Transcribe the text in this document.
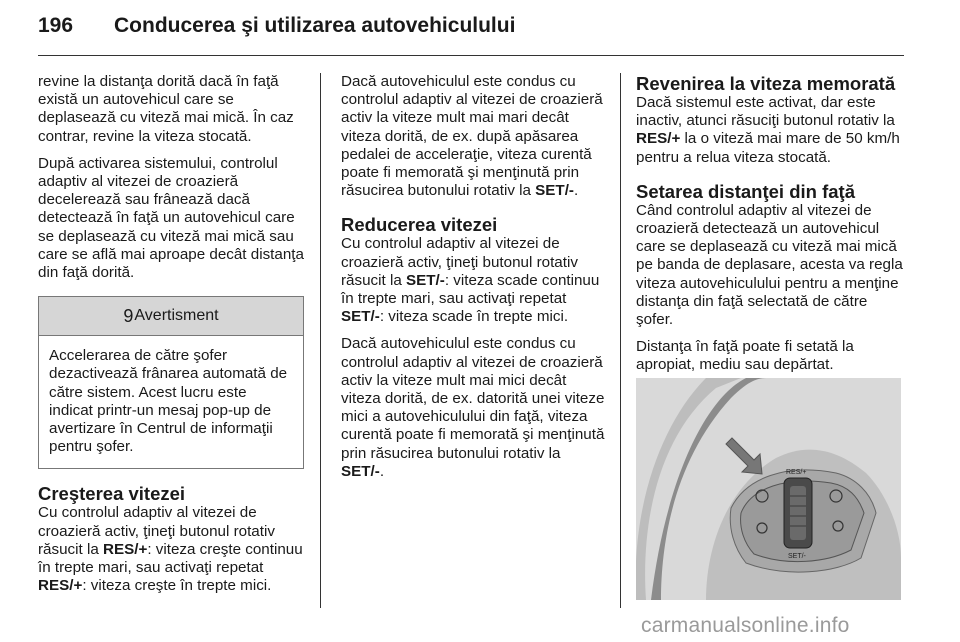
196 Conducerea şi utilizarea autovehiculului

revine la distanţa dorită dacă în faţă există un autovehicul care se deplasează cu viteză mai mică. În caz contrar, revine la viteza stocată.

După activarea sistemului, controlul adaptiv al vitezei de croazieră decelerează sau frânează dacă detectează în faţă un autovehicul care se deplasează cu viteză mai mică sau care se află mai aproape decât distanţa din faţă dorită.

9 Avertisment
Accelerarea de către şofer dezactivează frânarea automată de către sistem. Acest lucru este indicat printr-un mesaj pop-up de avertizare în Centrul de informaţii pentru şofer.
Creşterea vitezei

Cu controlul adaptiv al vitezei de croazieră activ, ţineţi butonul rotativ răsucit la RES/+: viteza creşte continuu în trepte mari, sau activaţi repetat RES/+: viteza creşte în trepte mici.

Dacă autovehiculul este condus cu controlul adaptiv al vitezei de croazieră activ la viteze mult mai mari decât viteza dorită, de ex. după apăsarea pedalei de acceleraţie, viteza curentă poate fi memorată şi menţinută prin răsucirea butonului rotativ la SET/-.

Reducerea vitezei

Cu controlul adaptiv al vitezei de croazieră activ, ţineţi butonul rotativ răsucit la SET/-: viteza scade continuu în trepte mari, sau activaţi repetat SET/-: viteza scade în trepte mici.

Dacă autovehiculul este condus cu controlul adaptiv al vitezei de croazieră activ la viteze mult mai mici decât viteza dorită, de ex. datorită unei viteze mici a autovehiculului din faţă, viteza curentă poate fi memorată şi menţinută prin răsucirea butonului rotativ la SET/-.

Revenirea la viteza memorată

Dacă sistemul este activat, dar este inactiv, atunci răsuciţi butonul rotativ la RES/+ la o viteză mai mare de 50 km/h pentru a relua viteza stocată.

Setarea distanţei din faţă

Când controlul adaptiv al vitezei de croazieră detectează un autovehicul care se deplasează cu viteză mai mică pe banda de deplasare, acesta va regla viteza autovehiculului pentru a menţine distanţa din faţă selectată de către şofer.

Distanţa în faţă poate fi setată la apropiat, mediu sau depărtat.

RES/+
SET/-
carmanualsonline.info
